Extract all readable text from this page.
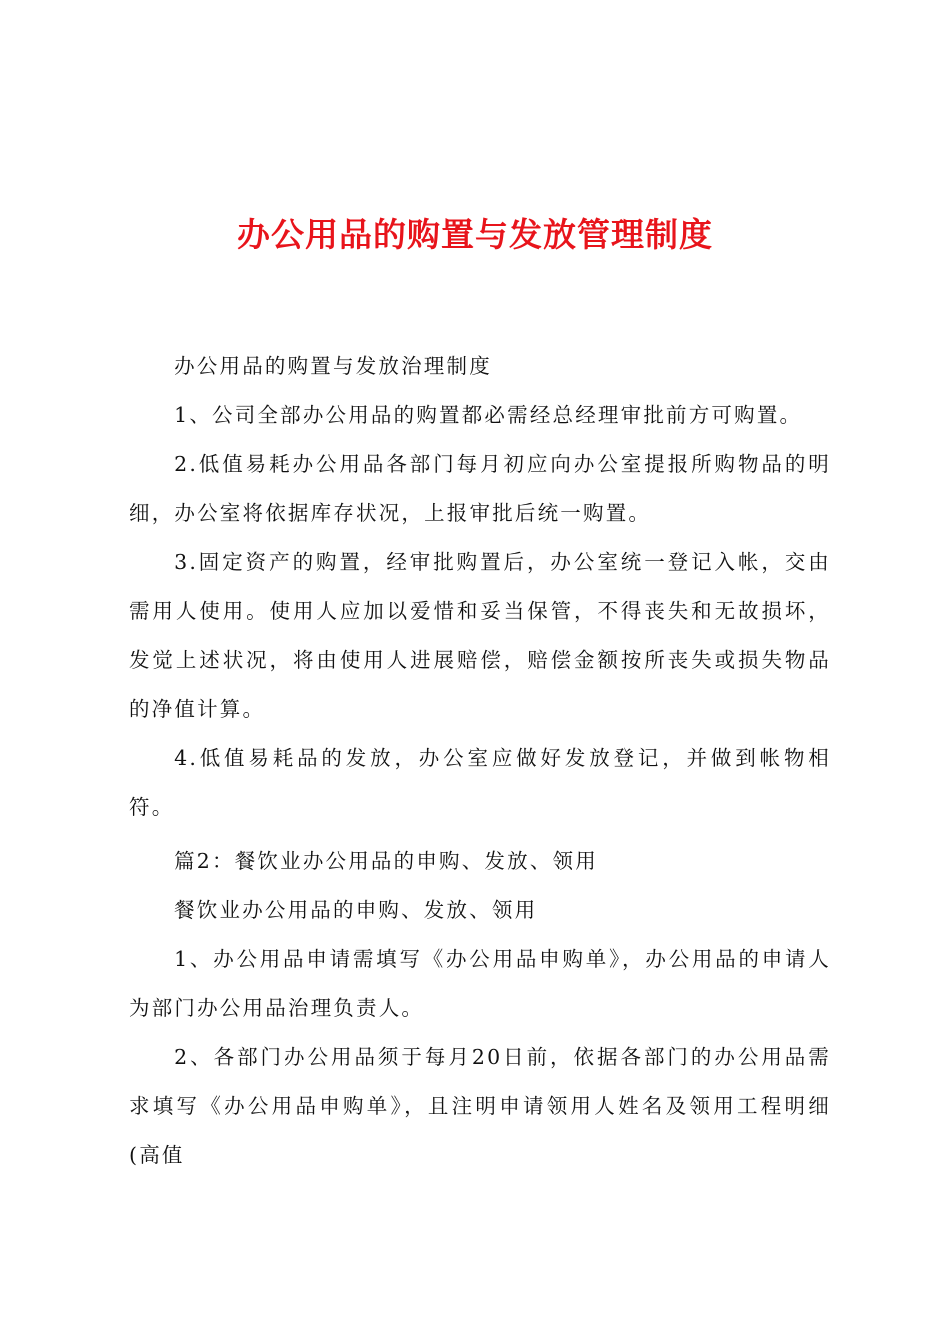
办公用品的购置与发放管理制度

办公用品的购置与发放治理制度

1、公司全部办公用品的购置都必需经总经理审批前方可购置。

2.低值易耗办公用品各部门每月初应向办公室提报所购物品的明细，办公室将依据库存状况，上报审批后统一购置。

3.固定资产的购置，经审批购置后，办公室统一登记入帐，交由需用人使用。使用人应加以爱惜和妥当保管，不得丧失和无故损坏，发觉上述状况，将由使用人进展赔偿，赔偿金额按所丧失或损失物品的净值计算。

4.低值易耗品的发放，办公室应做好发放登记，并做到帐物相符。

篇2：餐饮业办公用品的申购、发放、领用

餐饮业办公用品的申购、发放、领用

1、办公用品申请需填写《办公用品申购单》，办公用品的申请人为部门办公用品治理负责人。

2、各部门办公用品须于每月20日前，依据各部门的办公用品需求填写《办公用品申购单》，且注明申请领用人姓名及领用工程明细(高值
